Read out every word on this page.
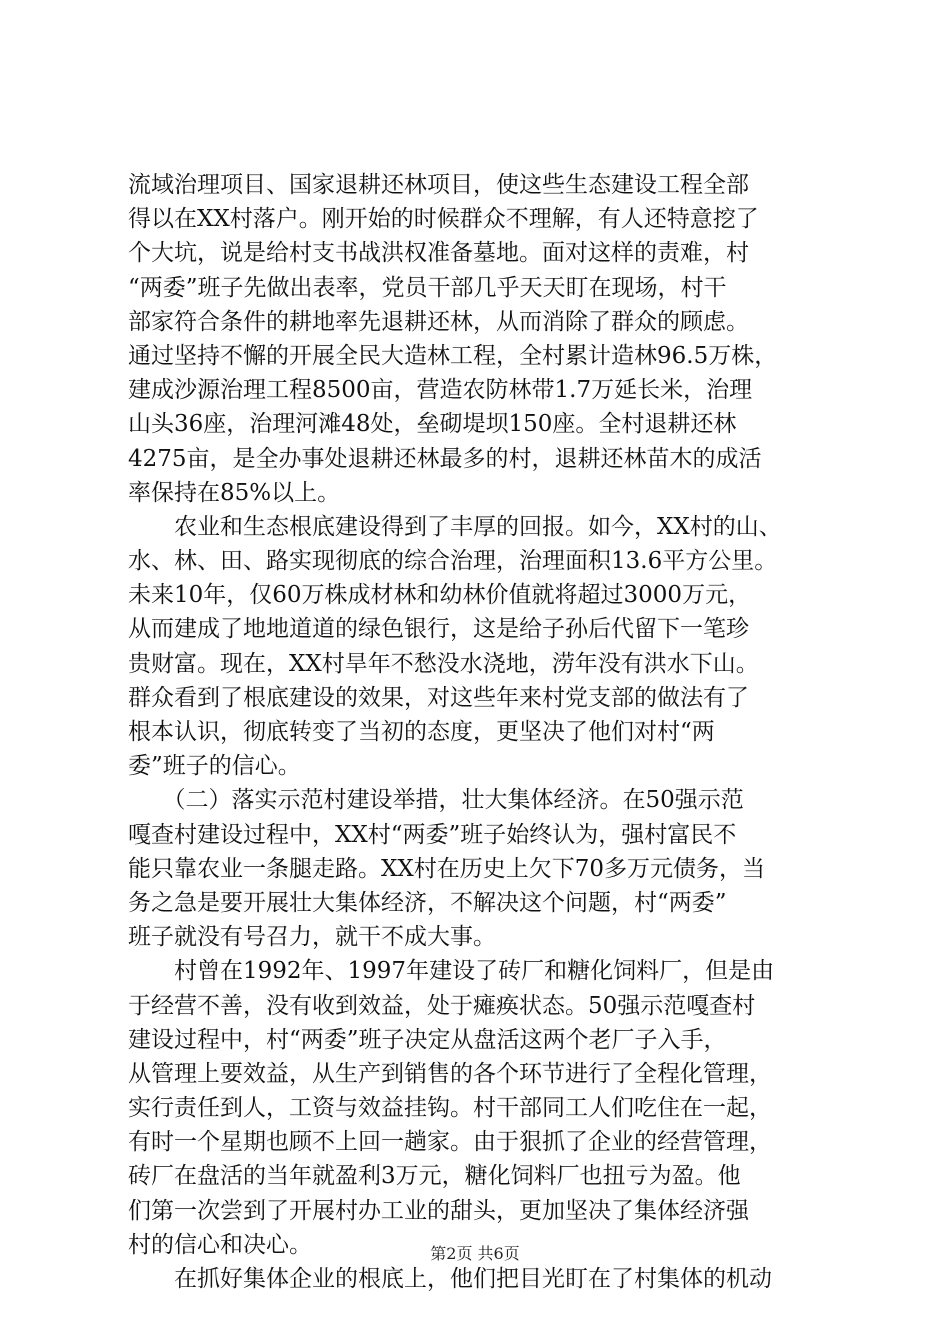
流域治理项目、国家退耕还林项目，使这些生态建设工程全部
得以在XX村落户。刚开始的时候群众不理解，有人还特意挖了
个大坑，说是给村支书战洪权准备墓地。面对这样的责难，村
“两委”班子先做出表率，党员干部几乎天天盯在现场，村干
部家符合条件的耕地率先退耕还林，从而消除了群众的顾虑。
通过坚持不懈的开展全民大造林工程，全村累计造林96.5万株，
建成沙源治理工程8500亩，营造农防林带1.7万延长米，治理
山头36座，治理河滩48处，垒砌堤坝150座。全村退耕还林
4275亩，是全办事处退耕还林最多的村，退耕还林苗木的成活
率保持在85%以上。
　　农业和生态根底建设得到了丰厚的回报。如今，XX村的山、
水、林、田、路实现彻底的综合治理，治理面积13.6平方公里。
未来10年，仅60万株成材林和幼林价值就将超过3000万元，
从而建成了地地道道的绿色银行，这是给子孙后代留下一笔珍
贵财富。现在，XX村旱年不愁没水浇地，涝年没有洪水下山。
群众看到了根底建设的效果，对这些年来村党支部的做法有了
根本认识，彻底转变了当初的态度，更坚决了他们对村“两
委”班子的信心。
　　（二）落实示范村建设举措，壮大集体经济。在50强示范
嘎查村建设过程中，XX村“两委”班子始终认为，强村富民不
能只靠农业一条腿走路。XX村在历史上欠下70多万元债务，当
务之急是要开展壮大集体经济，不解决这个问题，村“两委”
班子就没有号召力，就干不成大事。
　　村曾在1992年、1997年建设了砖厂和糖化饲料厂，但是由
于经营不善，没有收到效益，处于瘫痪状态。50强示范嘎查村
建设过程中，村“两委”班子决定从盘活这两个老厂子入手，
从管理上要效益，从生产到销售的各个环节进行了全程化管理，
实行责任到人，工资与效益挂钩。村干部同工人们吃住在一起，
有时一个星期也顾不上回一趟家。由于狠抓了企业的经营管理，
砖厂在盘活的当年就盈利3万元，糖化饲料厂也扭亏为盈。他
们第一次尝到了开展村办工业的甜头，更加坚决了集体经济强
村的信心和决心。
　　在抓好集体企业的根底上，他们把目光盯在了村集体的机动
第2页 共6页
